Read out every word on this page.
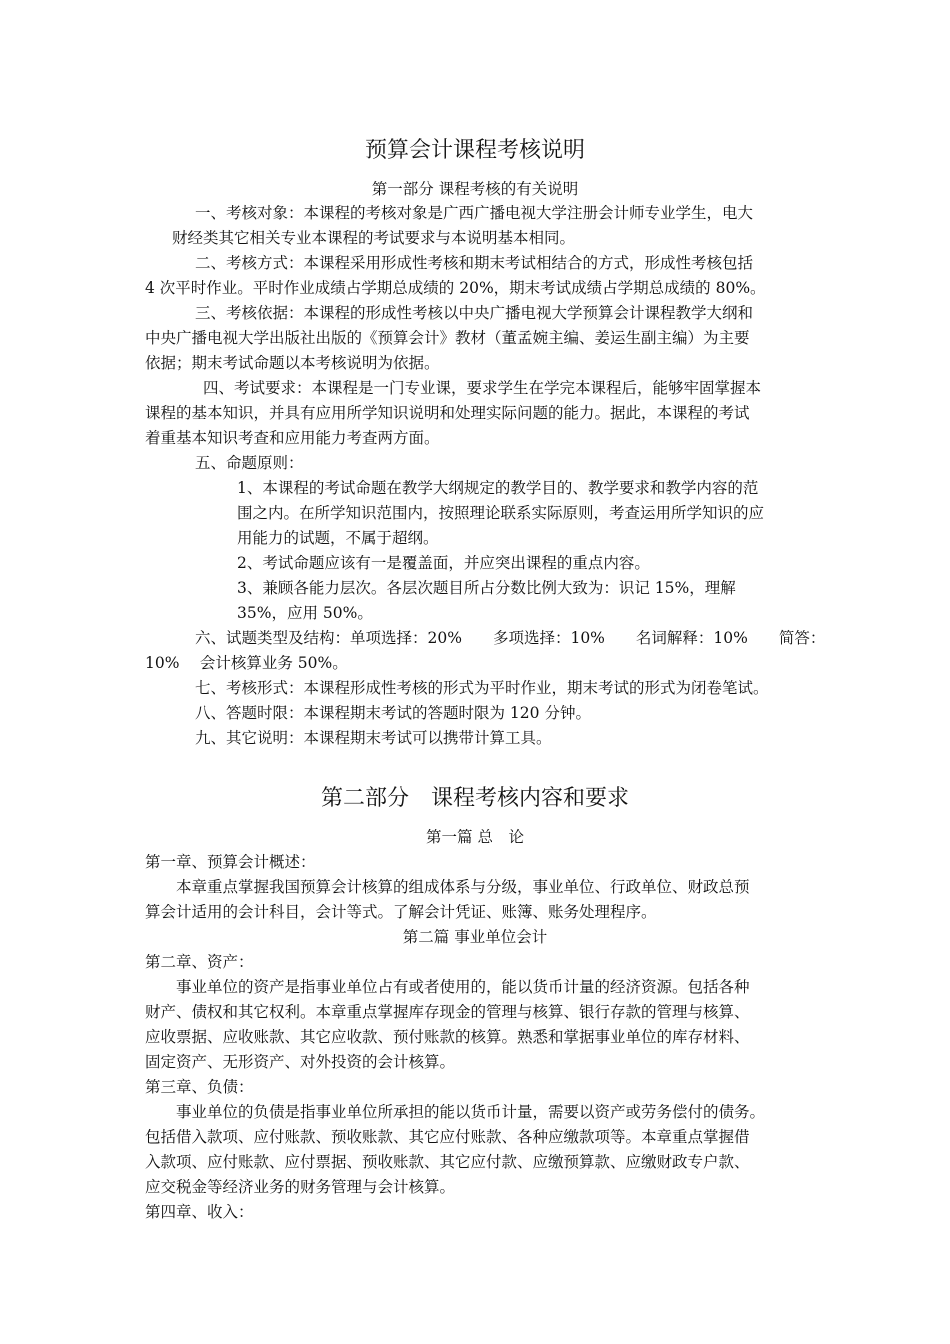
预算会计课程考核说明
第一部分 课程考核的有关说明
一、考核对象：本课程的考核对象是广西广播电视大学注册会计师专业学生，电大
财经类其它相关专业本课程的考试要求与本说明基本相同。
二、考核方式：本课程采用形成性考核和期末考试相结合的方式，形成性考核包括
4 次平时作业。平时作业成绩占学期总成绩的 20%，期末考试成绩占学期总成绩的 80%。
三、考核依据：本课程的形成性考核以中央广播电视大学预算会计课程教学大纲和
中央广播电视大学出版社出版的《预算会计》教材（董孟婉主编、姜运生副主编）为主要
依据；期末考试命题以本考核说明为依据。
四、考试要求：本课程是一门专业课，要求学生在学完本课程后，能够牢固掌握本
课程的基本知识，并具有应用所学知识说明和处理实际问题的能力。据此，本课程的考试
着重基本知识考查和应用能力考查两方面。
五、命题原则：
1、本课程的考试命题在教学大纲规定的教学目的、教学要求和教学内容的范
围之内。在所学知识范围内，按照理论联系实际原则，考查运用所学知识的应
用能力的试题，不属于超纲。
2、考试命题应该有一是覆盖面，并应突出课程的重点内容。
3、兼顾各能力层次。各层次题目所占分数比例大致为：识记 15%，理解
35%，应用 50%。
六、试题类型及结构：单项选择：20%　　多项选择：10%　　名词解释：10%　　简答：
10%　 会计核算业务 50%。
七、考核形式：本课程形成性考核的形式为平时作业，期末考试的形式为闭卷笔试。
八、答题时限：本课程期末考试的答题时限为 120 分钟。
九、其它说明：本课程期末考试可以携带计算工具。
第二部分　课程考核内容和要求
第一篇 总　论
第一章、预算会计概述：
本章重点掌握我国预算会计核算的组成体系与分级，事业单位、行政单位、财政总预
算会计适用的会计科目，会计等式。了解会计凭证、账簿、账务处理程序。
第二篇 事业单位会计
第二章、资产：
事业单位的资产是指事业单位占有或者使用的，能以货币计量的经济资源。包括各种
财产、债权和其它权利。本章重点掌握库存现金的管理与核算、银行存款的管理与核算、
应收票据、应收账款、其它应收款、预付账款的核算。熟悉和掌据事业单位的库存材料、
固定资产、无形资产、对外投资的会计核算。
第三章、负债：
事业单位的负债是指事业单位所承担的能以货币计量，需要以资产或劳务偿付的债务。
包括借入款项、应付账款、预收账款、其它应付账款、各种应缴款项等。本章重点掌握借
入款项、应付账款、应付票据、预收账款、其它应付款、应缴预算款、应缴财政专户款、
应交税金等经济业务的财务管理与会计核算。
第四章、收入：
